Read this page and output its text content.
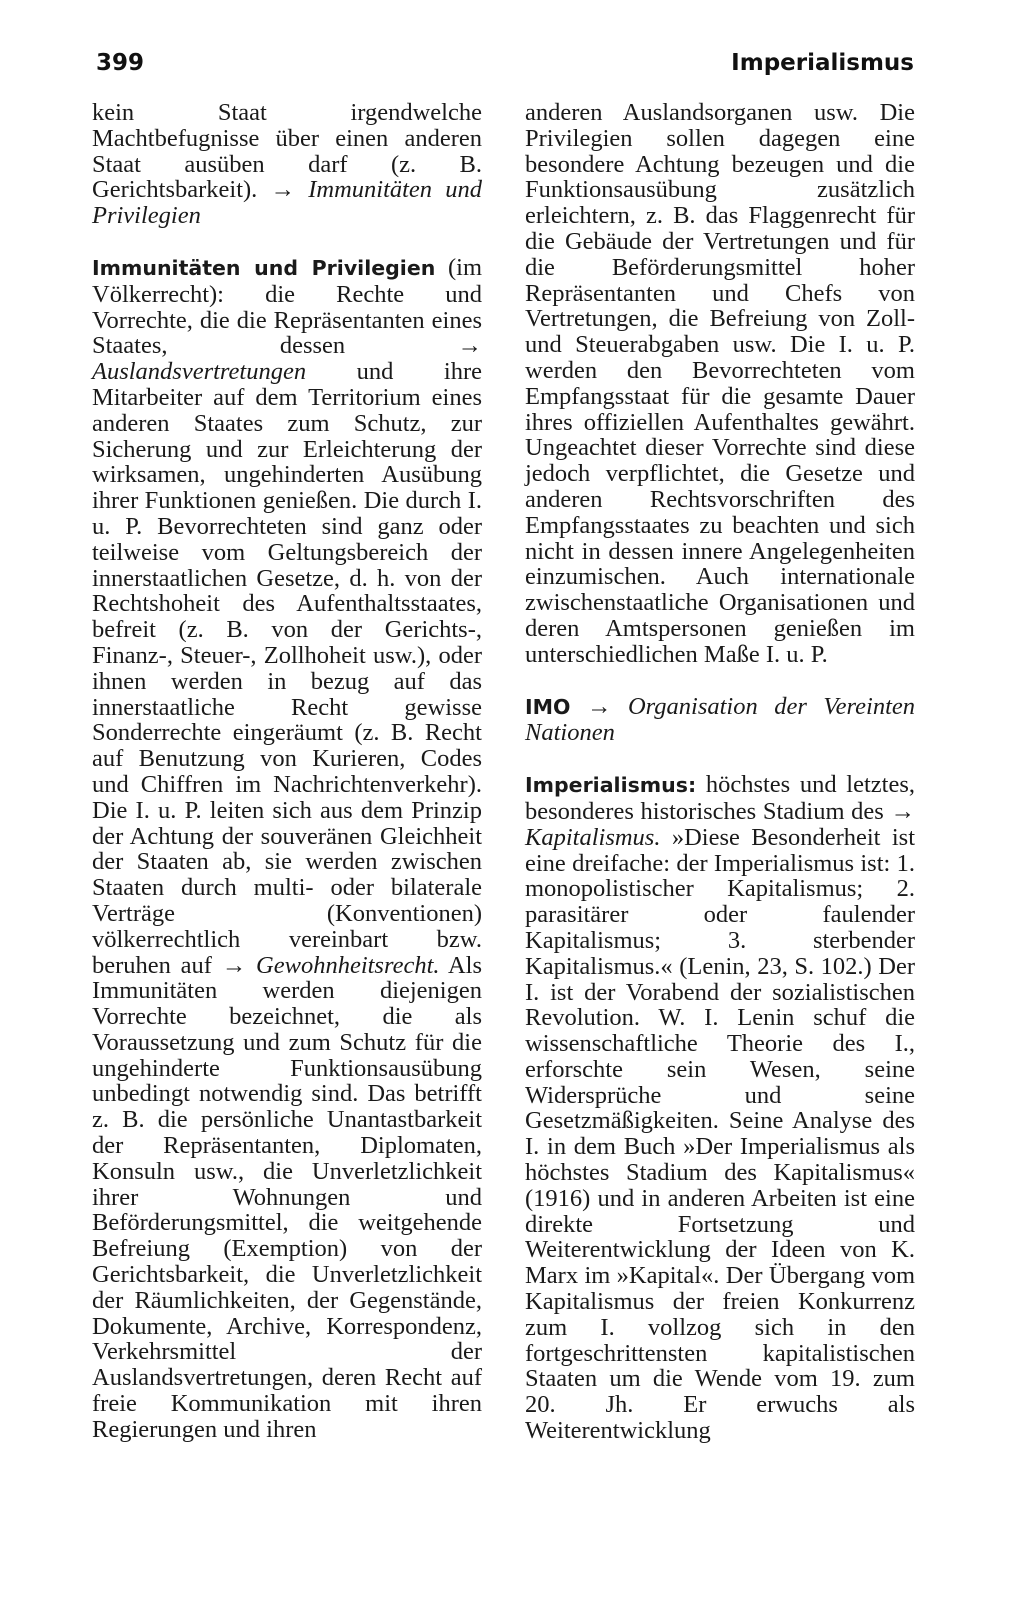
399	Imperialismus

kein Staat irgendwelche Machtbefugnisse über einen anderen Staat ausüben darf (z. B. Gerichtsbarkeit). → Immunitäten und Privilegien

Immunitäten und Privilegien (im Völkerrecht): die Rechte und Vorrechte, die die Repräsentanten eines Staates, dessen → Auslandsvertretungen und ihre Mitarbeiter auf dem Territorium eines anderen Staates zum Schutz, zur Sicherung und zur Erleichterung der wirksamen, ungehinderten Ausübung ihrer Funktionen genießen. Die durch I. u. P. Bevorrechteten sind ganz oder teilweise vom Geltungsbereich der innerstaatlichen Gesetze, d. h. von der Rechtshoheit des Aufenthaltsstaates, befreit (z. B. von der Gerichts-, Finanz-, Steuer-, Zollhoheit usw.), oder ihnen werden in bezug auf das innerstaatliche Recht gewisse Sonderrechte eingeräumt (z. B. Recht auf Benutzung von Kurieren, Codes und Chiffren im Nachrichtenverkehr). Die I. u. P. leiten sich aus dem Prinzip der Achtung der souveränen Gleichheit der Staaten ab, sie werden zwischen Staaten durch multi- oder bilaterale Verträge (Konventionen) völkerrechtlich vereinbart bzw. beruhen auf → Gewohnheitsrecht. Als Immunitäten werden diejenigen Vorrechte bezeichnet, die als Voraussetzung und zum Schutz für die ungehinderte Funktionsausübung unbedingt notwendig sind. Das betrifft z. B. die persönliche Unantastbarkeit der Repräsentanten, Diplomaten, Konsuln usw., die Unverletzlichkeit ihrer Wohnungen und Beförderungsmittel, die weitgehende Befreiung (Exemption) von der Gerichtsbarkeit, die Unverletzlichkeit der Räumlichkeiten, der Gegenstände, Dokumente, Archive, Korrespondenz, Verkehrsmittel der Auslandsvertretungen, deren Recht auf freie Kommunikation mit ihren Regierungen und ihren

anderen Auslandsorganen usw. Die Privilegien sollen dagegen eine besondere Achtung bezeugen und die Funktionsausübung zusätzlich erleichtern, z. B. das Flaggenrecht für die Gebäude der Vertretungen und für die Beförderungsmittel hoher Repräsentanten und Chefs von Vertretungen, die Befreiung von Zoll- und Steuerabgaben usw. Die I. u. P. werden den Bevorrechteten vom Empfangsstaat für die gesamte Dauer ihres offiziellen Aufenthaltes gewährt. Ungeachtet dieser Vorrechte sind diese jedoch verpflichtet, die Gesetze und anderen Rechtsvorschriften des Empfangsstaates zu beachten und sich nicht in dessen innere Angelegenheiten einzumischen. Auch internationale zwischenstaatliche Organisationen und deren Amtspersonen genießen im unterschiedlichen Maße I. u. P.

IMO → Organisation der Vereinten Nationen

Imperialismus: höchstes und letztes, besonderes historisches Stadium des → Kapitalismus. »Diese Besonderheit ist eine dreifache: der Imperialismus ist: 1. monopolistischer Kapitalismus; 2. parasitärer oder faulender Kapitalismus; 3. sterbender Kapitalismus.« (Lenin, 23, S. 102.) Der I. ist der Vorabend der sozialistischen Revolution. W. I. Lenin schuf die wissenschaftliche Theorie des I., erforschte sein Wesen, seine Widersprüche und seine Gesetzmäßigkeiten. Seine Analyse des I. in dem Buch »Der Imperialismus als höchstes Stadium des Kapitalismus« (1916) und in anderen Arbeiten ist eine direkte Fortsetzung und Weiterentwicklung der Ideen von K. Marx im »Kapital«. Der Übergang vom Kapitalismus der freien Konkurrenz zum I. vollzog sich in den fortgeschrittensten kapitalistischen Staaten um die Wende vom 19. zum 20. Jh. Er erwuchs als Weiterentwicklung
